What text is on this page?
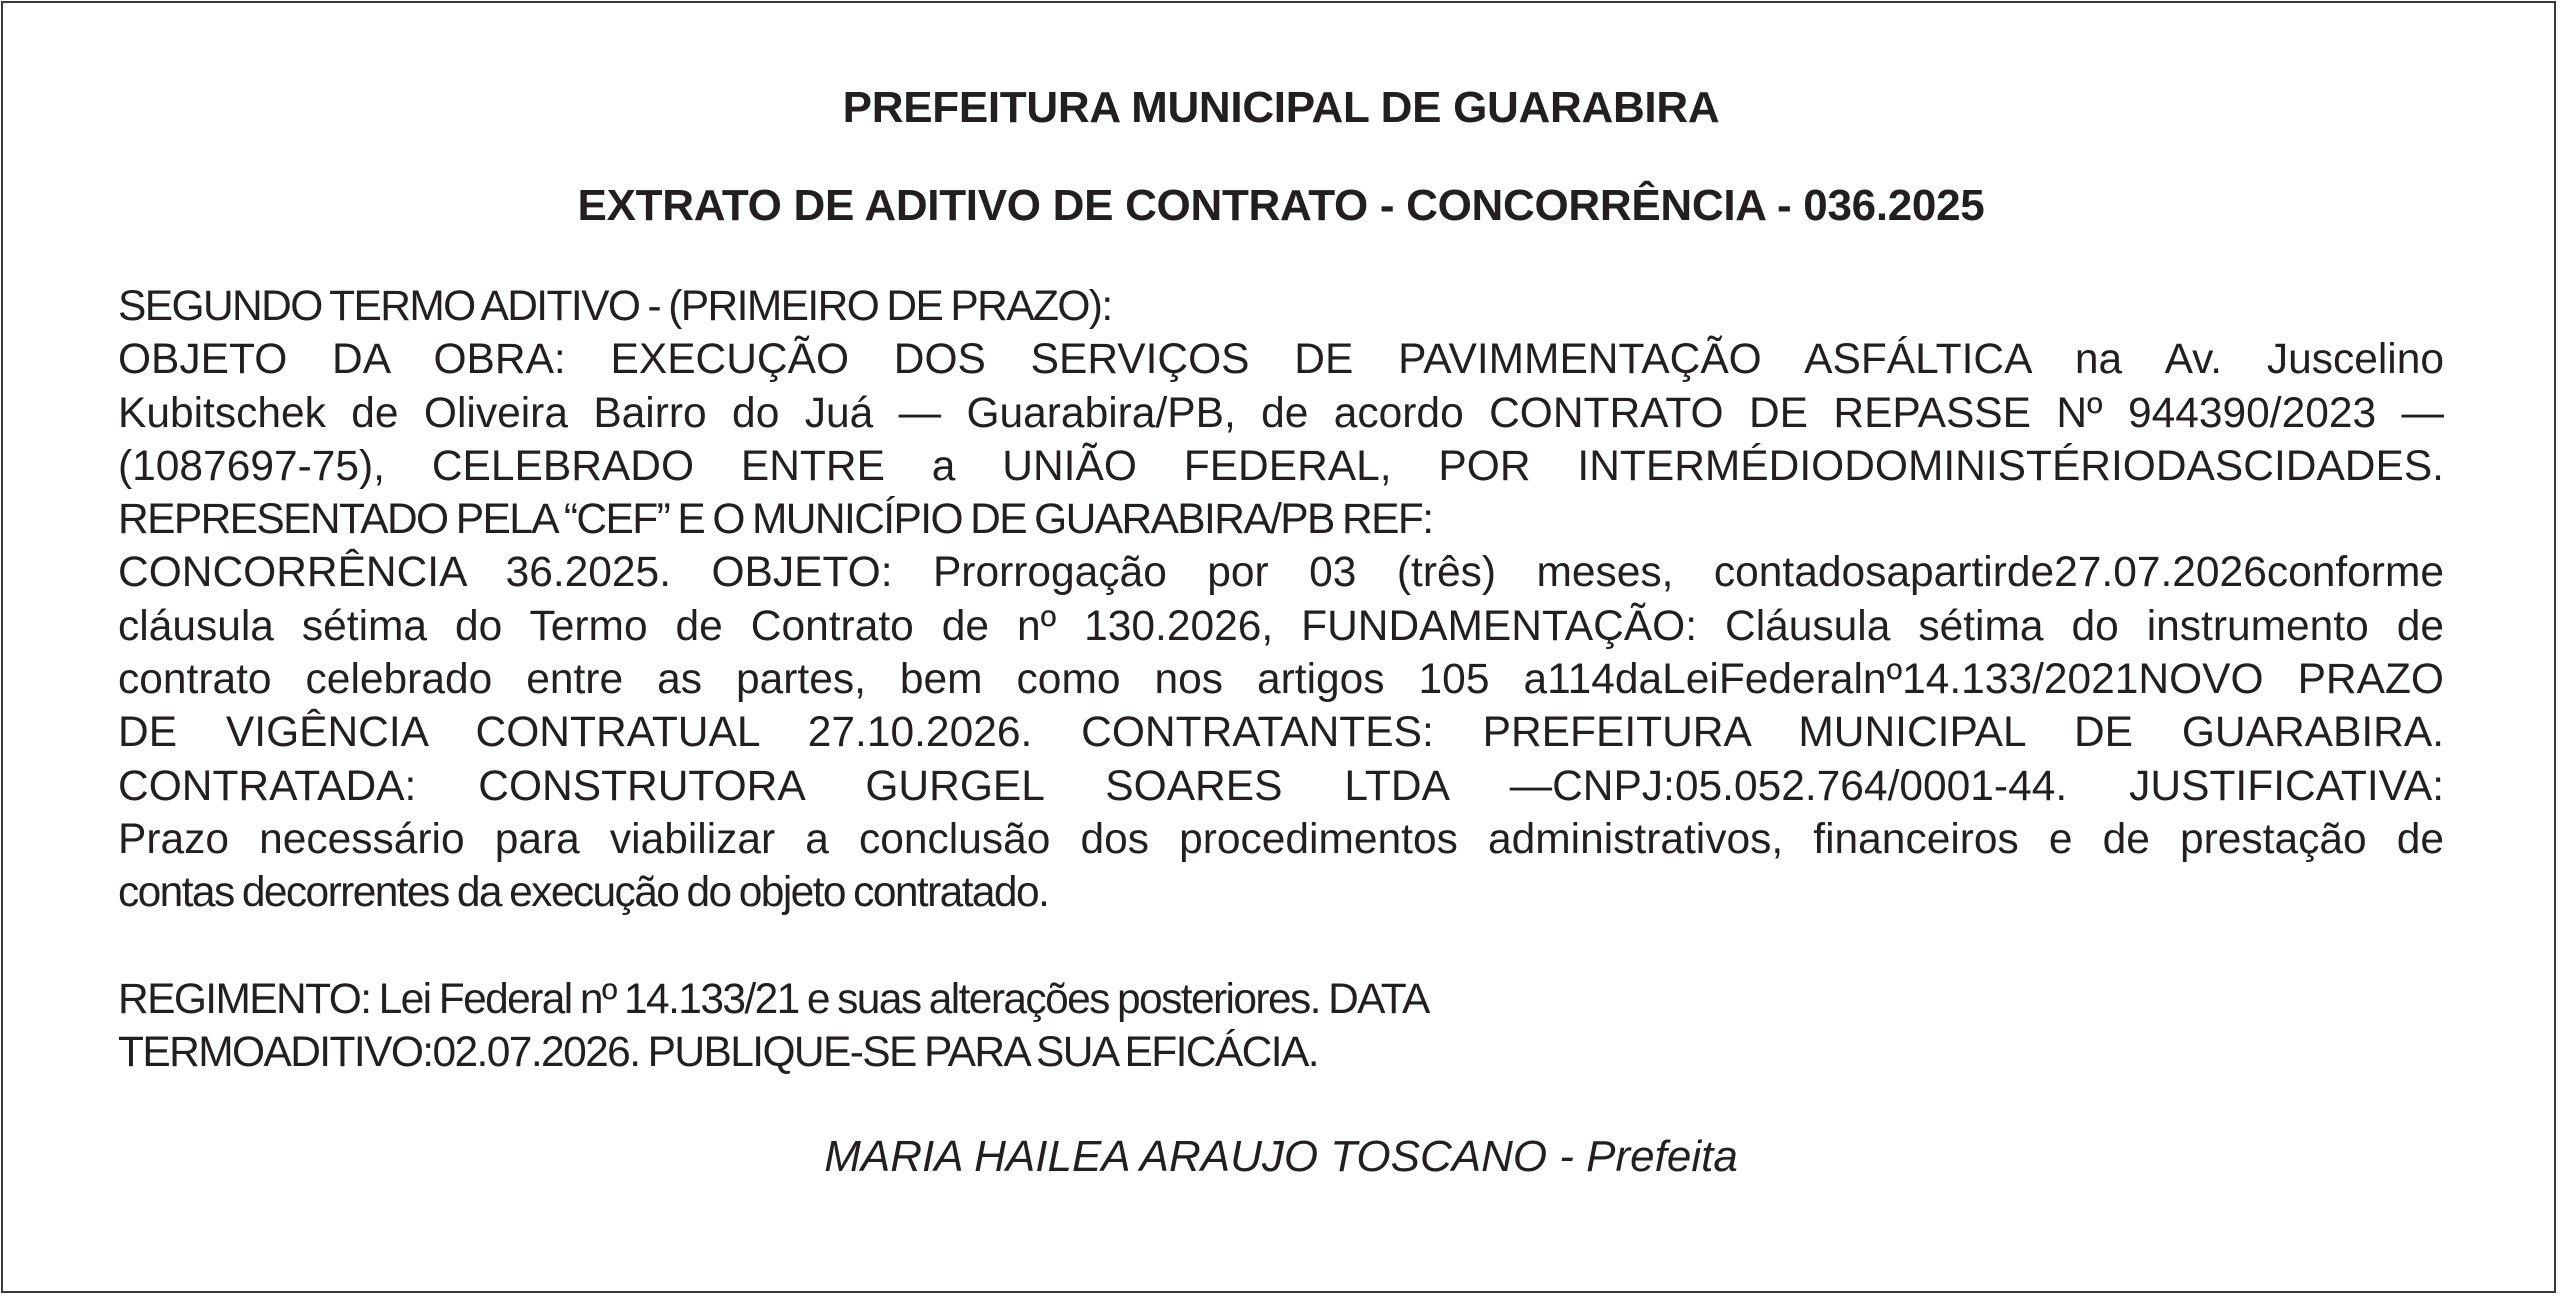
PREFEITURA MUNICIPAL DE GUARABIRA
EXTRATO DE ADITIVO DE CONTRATO - CONCORRÊNCIA - 036.2025
SEGUNDO TERMO ADITIVO - (PRIMEIRO DE PRAZO):
OBJETO DA OBRA: EXECUÇÃO DOS SERVIÇOS DE PAVIMMENTAÇÃO ASFÁLTICA na Av. Juscelino
Kubitschek de Oliveira Bairro do Juá — Guarabira/PB, de acordo CONTRATO DE REPASSE Nº 944390/2023 —
(1087697-75), CELEBRADO ENTRE a UNIÃO FEDERAL, POR INTERMÉDIODOMINISTÉRIODASCIDADES.
REPRESENTADO PELA “CEF” E O MUNICÍPIO DE GUARABIRA/PB REF:
CONCORRÊNCIA 36.2025. OBJETO: Prorrogação por 03 (três) meses, contadosapartirde27.07.2026conforme
cláusula sétima do Termo de Contrato de nº 130.2026, FUNDAMENTAÇÃO: Cláusula sétima do instrumento de
contrato celebrado entre as partes, bem como nos artigos 105 a114daLeiFederalnº14.133/2021NOVO PRAZO
DE VIGÊNCIA CONTRATUAL 27.10.2026. CONTRATANTES: PREFEITURA MUNICIPAL DE GUARABIRA.
CONTRATADA: CONSTRUTORA GURGEL SOARES LTDA —CNPJ:05.052.764/0001-44. JUSTIFICATIVA:
Prazo necessário para viabilizar a conclusão dos procedimentos administrativos, financeiros e de prestação de
contas decorrentes da execução do objeto contratado.
REGIMENTO: Lei Federal nº 14.133/21 e suas alterações posteriores. DATA
TERMOADITIVO:02.07.2026. PUBLIQUE-SE PARA SUA EFICÁCIA.

MARIA HAILEA ARAUJO TOSCANO - Prefeita
